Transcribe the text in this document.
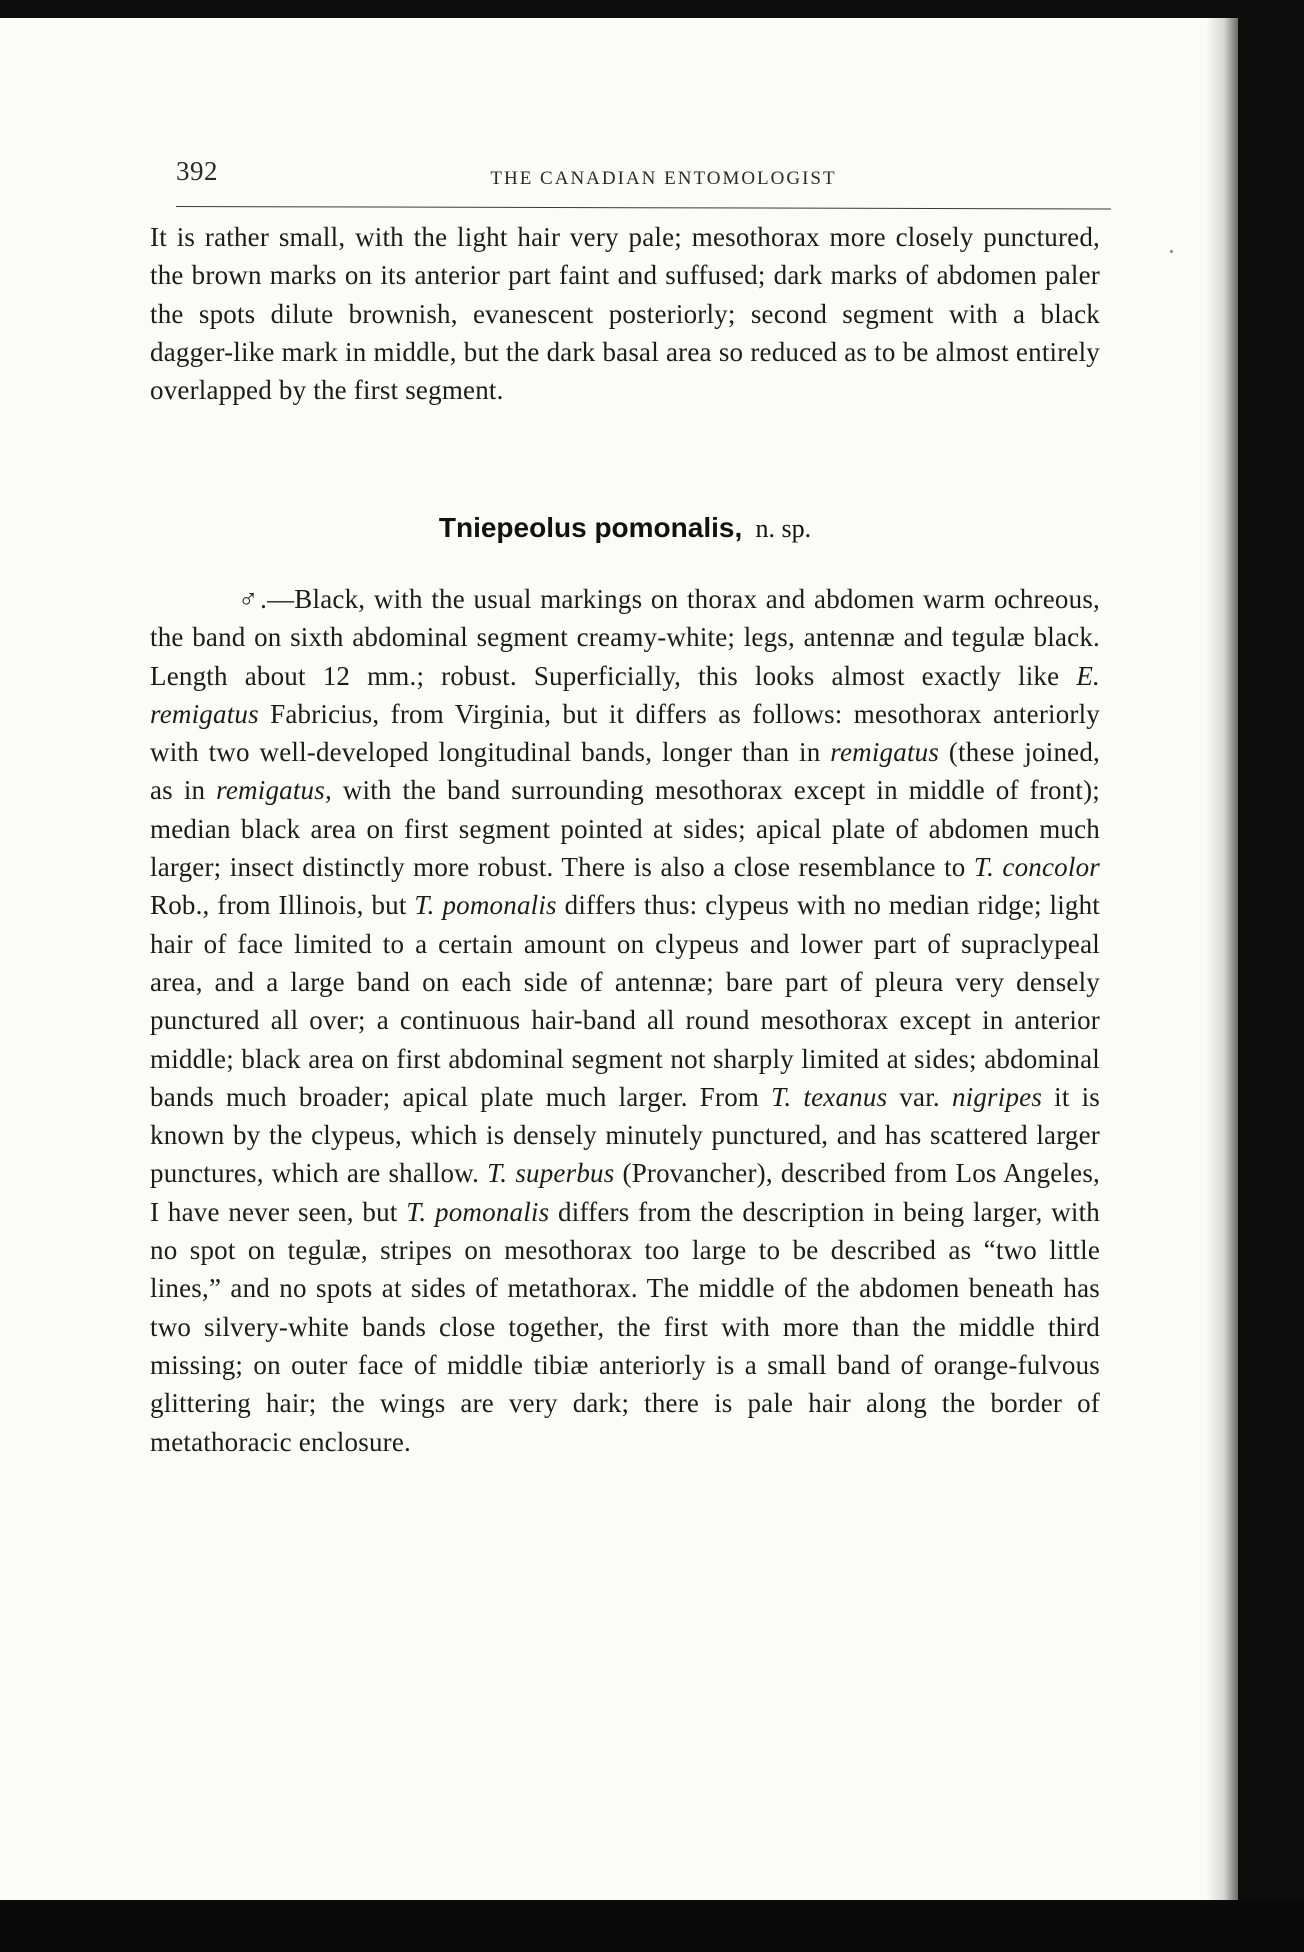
392	THE CANADIAN ENTOMOLOGIST
It is rather small, with the light hair very pale; mesothorax more closely punctured, the brown marks on its anterior part faint and suffused; dark marks of abdomen paler the spots dilute brownish, evanescent posteriorly; second segment with a black dagger-like mark in middle, but the dark basal area so reduced as to be almost entirely overlapped by the first segment.
Tniepeolus pomonalis, n. sp.
♂.—Black, with the usual markings on thorax and abdomen warm ochreous, the band on sixth abdominal segment creamy-white; legs, antennæ and tegulæ black. Length about 12 mm.; robust. Superficially, this looks almost exactly like E. remigatus Fabricius, from Virginia, but it differs as follows: mesothorax anteriorly with two well-developed longitudinal bands, longer than in remigatus (these joined, as in remigatus, with the band surrounding mesothorax except in middle of front); median black area on first segment pointed at sides; apical plate of abdomen much larger; insect distinctly more robust. There is also a close resemblance to T. concolor Rob., from Illinois, but T. pomonalis differs thus: clypeus with no median ridge; light hair of face limited to a certain amount on clypeus and lower part of supraclypeal area, and a large band on each side of antennæ; bare part of pleura very densely punctured all over; a continuous hair-band all round mesothorax except in anterior middle; black area on first abdominal segment not sharply limited at sides; abdominal bands much broader; apical plate much larger. From T. texanus var. nigripes it is known by the clypeus, which is densely minutely punctured, and has scattered larger punctures, which are shallow. T. superbus (Provancher), described from Los Angeles, I have never seen, but T. pomonalis differs from the description in being larger, with no spot on tegulæ, stripes on mesothorax too large to be described as “two little lines,” and no spots at sides of metathorax. The middle of the abdomen beneath has two silvery-white bands close together, the first with more than the middle third missing; on outer face of middle tibiæ anteriorly is a small band of orange-fulvous glittering hair; the wings are very dark; there is pale hair along the border of metathoracic enclosure.
